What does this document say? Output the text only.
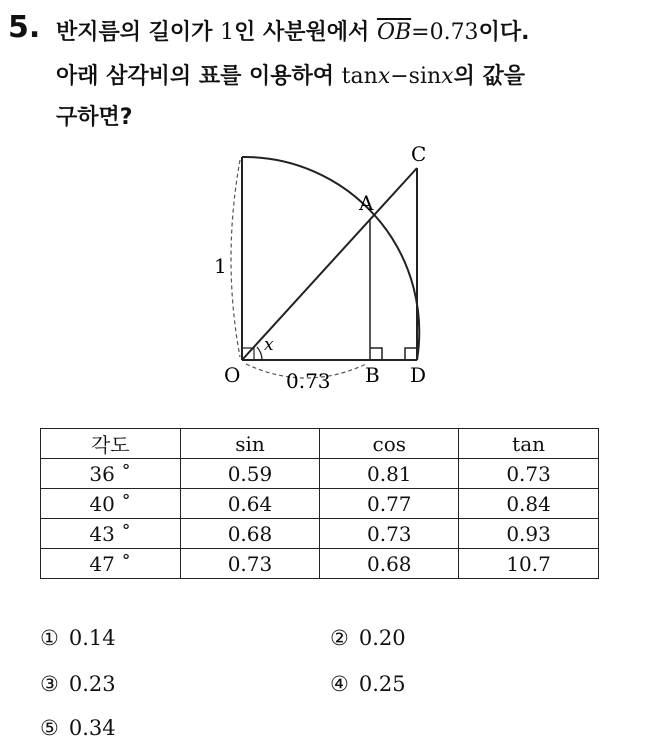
5. 반지름의 길이가 1인 사분원에서 $\overline{OB}=0.73$이다.
아래 삼각비의 표를 이용하여 tanx−sinx의 값을
구하면?
C
A
O	B D
1
0.73
x
각도	sin	cos	tan
36 ˚	0.59	0.81	0.73
40 ˚	0.64	0.77	0.84
43 ˚	0.68	0.73	0.93
47 ˚	0.73	0.68	10.7
① 0.14	② 0.20
③ 0.23	④ 0.25
⑤ 0.34
